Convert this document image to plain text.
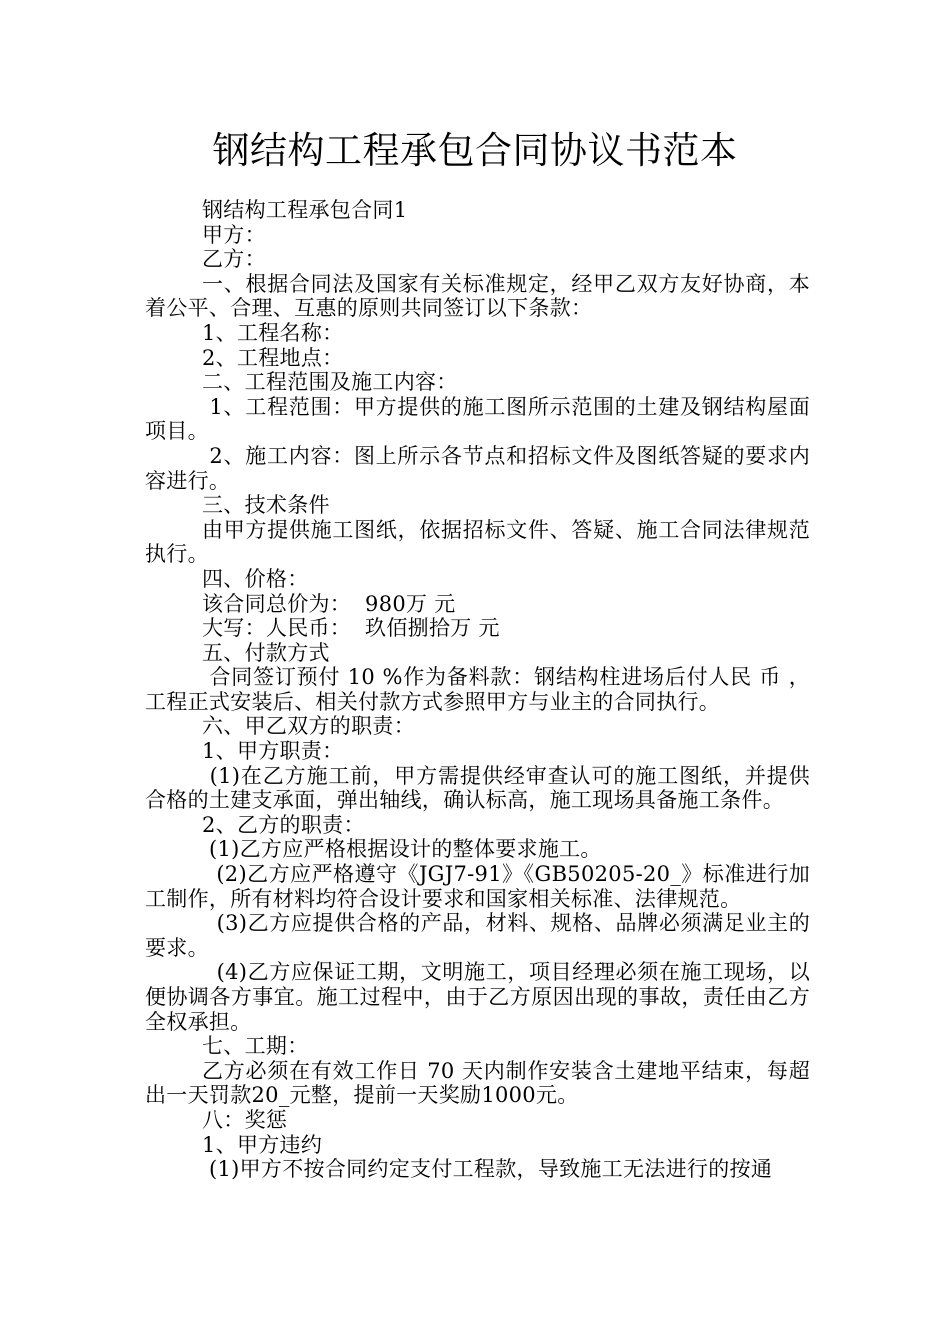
钢结构工程承包合同协议书范本

钢结构工程承包合同1

甲方：

乙方：

一、根据合同法及国家有关标准规定，经甲乙双方友好协商，本着公平、合理、互惠的原则共同签订以下条款：

1、工程名称：

2、工程地点：

二、工程范围及施工内容：

1、工程范围：甲方提供的施工图所示范围的土建及钢结构屋面项目。

2、施工内容：图上所示各节点和招标文件及图纸答疑的要求内容进行。

三、技术条件

由甲方提供施工图纸，依据招标文件、答疑、施工合同法律规范执行。

四、价格：

该合同总价为：  980万 元

大写：人民币：  玖佰捌拾万 元

五、付款方式

合同签订预付 10 %作为备料款：钢结构柱进场后付人民 币 ，工程正式安装后、相关付款方式参照甲方与业主的合同执行。

六、甲乙双方的职责：

1、甲方职责：

(1)在乙方施工前，甲方需提供经审查认可的施工图纸，并提供合格的土建支承面，弹出轴线，确认标高，施工现场具备施工条件。

2、乙方的职责：

(1)乙方应严格根据设计的整体要求施工。

(2)乙方应严格遵守《JGJ7-91》《GB50205-20_》标准进行加工制作，所有材料均符合设计要求和国家相关标准、法律规范。

(3)乙方应提供合格的产品，材料、规格、品牌必须满足业主的要求。

(4)乙方应保证工期，文明施工，项目经理必须在施工现场，以便协调各方事宜。施工过程中，由于乙方原因出现的事故，责任由乙方全权承担。

七、工期：

乙方必须在有效工作日 70 天内制作安装含土建地平结束，每超出一天罚款20_元整，提前一天奖励1000元。

八：奖惩

1、甲方违约

(1)甲方不按合同约定支付工程款，导致施工无法进行的按通
